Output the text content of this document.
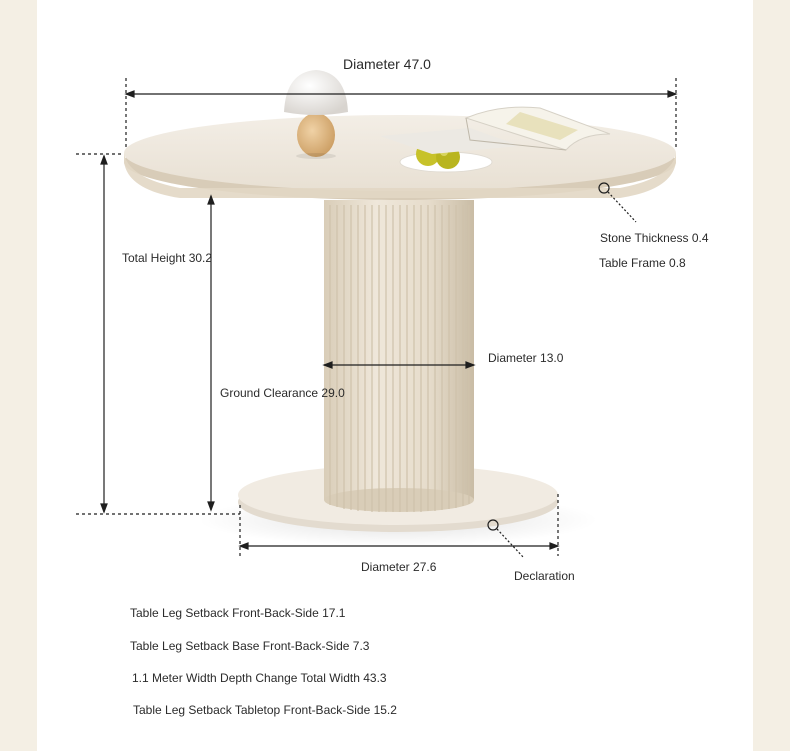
Diameter 47.0
Total Height 30.2
Ground Clearance 29.0
Diameter 13.0
Diameter 27.6
Stone Thickness 0.4
Table Frame 0.8
Declaration
Table Leg Setback Front-Back-Side 17.1
Table Leg Setback Base Front-Back-Side 7.3
1.1 Meter Width Depth Change Total Width 43.3
Table Leg Setback Tabletop Front-Back-Side 15.2
